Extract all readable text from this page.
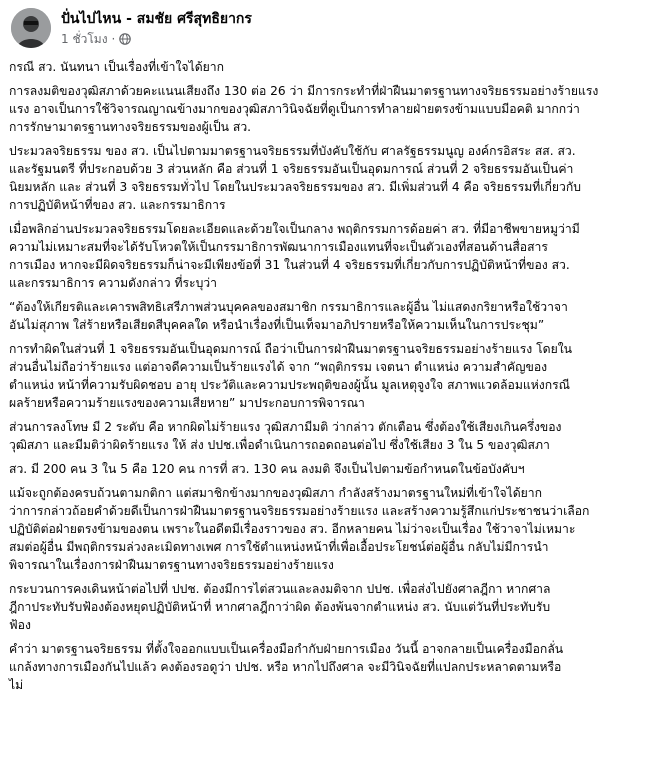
ปั่นไปไหน - สมชัย ศรีสุทธิยากร
1 ชั่วโมง ·

กรณี สว. นันทนา เป็นเรื่องที่เข้าใจได้ยาก

การลงมติของวุฒิสภาด้วยคะแนนเสียงถึง 130 ต่อ 26 ว่า มีการกระทำที่ฝ่าฝืนมาตรฐานทางจริยธรรมอย่างร้ายแรง

แรง อาจเป็นการใช้วิจารณญาณข้างมากของวุฒิสภาวินิจฉัยที่ดูเป็นการทำลายฝ่ายตรงข้ามแบบมีอคติ มากกว่า

การรักษามาตรฐานทางจริยธรรมของผู้เป็น สว.

ประมวลจริยธรรม ของ สว. เป็นไปตามมาตรฐานจริยธรรมที่บังคับใช้กับ ศาลรัฐธรรมนูญ องค์กรอิสระ สส. สว.

และรัฐมนตรี ที่ประกอบด้วย 3 ส่วนหลัก คือ ส่วนที่ 1 จริยธรรมอันเป็นอุดมการณ์ ส่วนที่ 2 จริยธรรมอันเป็นค่า

นิยมหลัก และ ส่วนที่ 3 จริยธรรมทั่วไป โดยในประมวลจริยธรรมของ สว. มีเพิ่มส่วนที่ 4 คือ จริยธรรมที่เกี่ยวกับ

การปฏิบัติหน้าที่ของ สว. และกรรมาธิการ

เมื่อพลิกอ่านประมวลจริยธรรมโดยละเอียดและด้วยใจเป็นกลาง พฤติกรรมการด้อยค่า สว. ที่มีอาชีพขายหมูว่ามี

ความไม่เหมาะสมที่จะได้รับโหวตให้เป็นกรรมาธิการพัฒนาการเมืองแทนที่จะเป็นตัวเองที่สอนด้านสื่อสาร

การเมือง หากจะมีผิดจริยธรรมก็น่าจะมีเพียงข้อที่ 31 ในส่วนที่ 4 จริยธรรมที่เกี่ยวกับการปฏิบัติหน้าที่ของ สว.

และกรรมาธิการ ความดังกล่าว ที่ระบุว่า

“ต้องให้เกียรติและเคารพสิทธิเสรีภาพส่วนบุคคลของสมาชิก กรรมาธิการและผู้อื่น ไม่แสดงกริยาหรือใช้วาจา

อันไม่สุภาพ ใส่ร้ายหรือเสียดสีบุคคลใด หรือนำเรื่องที่เป็นเท็จมาอภิปรายหรือให้ความเห็นในการประชุม”

การทำผิดในส่วนที่ 1 จริยธรรมอันเป็นอุดมการณ์ ถือว่าเป็นการฝ่าฝืนมาตรฐานจริยธรรมอย่างร้ายแรง โดยใน

ส่วนอื่นไม่ถือว่าร้ายแรง แต่อาจดีความเป็นร้ายแรงได้ จาก “พฤติกรรม เจตนา ตำแหน่ง ความสำคัญของ

ตำแหน่ง หน้าที่ความรับผิดชอบ อายุ ประวัติและความประพฤติของผู้นั้น มูลเหตุจูงใจ สภาพแวดล้อมแห่งกรณี

ผลร้ายหรือความร้ายแรงของความเสียหาย” มาประกอบการพิจารณา

ส่วนการลงโทษ มี 2 ระดับ คือ หากผิดไม่ร้ายแรง วุฒิสภามีมติ ว่ากล่าว ตักเตือน ซึ่งต้องใช้เสียงเกินครึ่งของ

วุฒิสภา และมีมติว่าผิดร้ายแรง ให้ ส่ง ปปช.เพื่อดำเนินการถอดถอนต่อไป ซึ่งใช้เสียง 3 ใน 5 ของวุฒิสภา

สว. มี 200 คน 3 ใน 5 คือ 120 คน การที่ สว. 130 คน ลงมติ จึงเป็นไปตามข้อกำหนดในข้อบังคับฯ

แม้จะถูกต้องครบถ้วนตามกติกา แต่สมาชิกข้างมากของวุฒิสภา กำลังสร้างมาตรฐานใหม่ที่เข้าใจได้ยาก

ว่าการกล่าวถ้อยคำด้วยดีเป็นการฝ่าฝืนมาตรฐานจริยธรรมอย่างร้ายแรง และสร้างความรู้สึกแก่ประชาชนว่าเลือก

ปฏิบัติต่อฝ่ายตรงข้ามของตน เพราะในอดีตมีเรื่องราวของ สว. อีกหลายคน ไม่ว่าจะเป็นเรื่อง ใช้วาจาไม่เหมาะ

สมต่อผู้อื่น มีพฤติกรรมล่วงละเมิดทางเพศ การใช้ตำแหน่งหน้าที่เพื่อเอื้อประโยชน์ต่อผู้อื่น กลับไม่มีการนำ

พิจารณาในเรื่องการฝ่าฝืนมาตรฐานทางจริยธรรมอย่างร้ายแรง

กระบวนการคงเดินหน้าต่อไปที่ ปปช. ต้องมีการไต่สวนและลงมติจาก ปปช. เพื่อส่งไปยังศาลฎีกา หากศาล

ฎีกาประทับรับฟ้องต้องหยุดปฏิบัติหน้าที่ หากศาลฎีกาว่าผิด ต้องพ้นจากตำแหน่ง สว. นับแต่วันที่ประทับรับ

ฟ้อง

คำว่า มาตรฐานจริยธรรม ที่ตั้งใจออกแบบเป็นเครื่องมือกำกับฝ่ายการเมือง วันนี้ อาจกลายเป็นเครื่องมือกลั่น

แกล้งทางการเมืองกันไปแล้ว คงต้องรอดูว่า ปปช. หรือ หากไปถึงศาล จะมีวินิจฉัยที่แปลกประหลาดตามหรือ

ไม่
